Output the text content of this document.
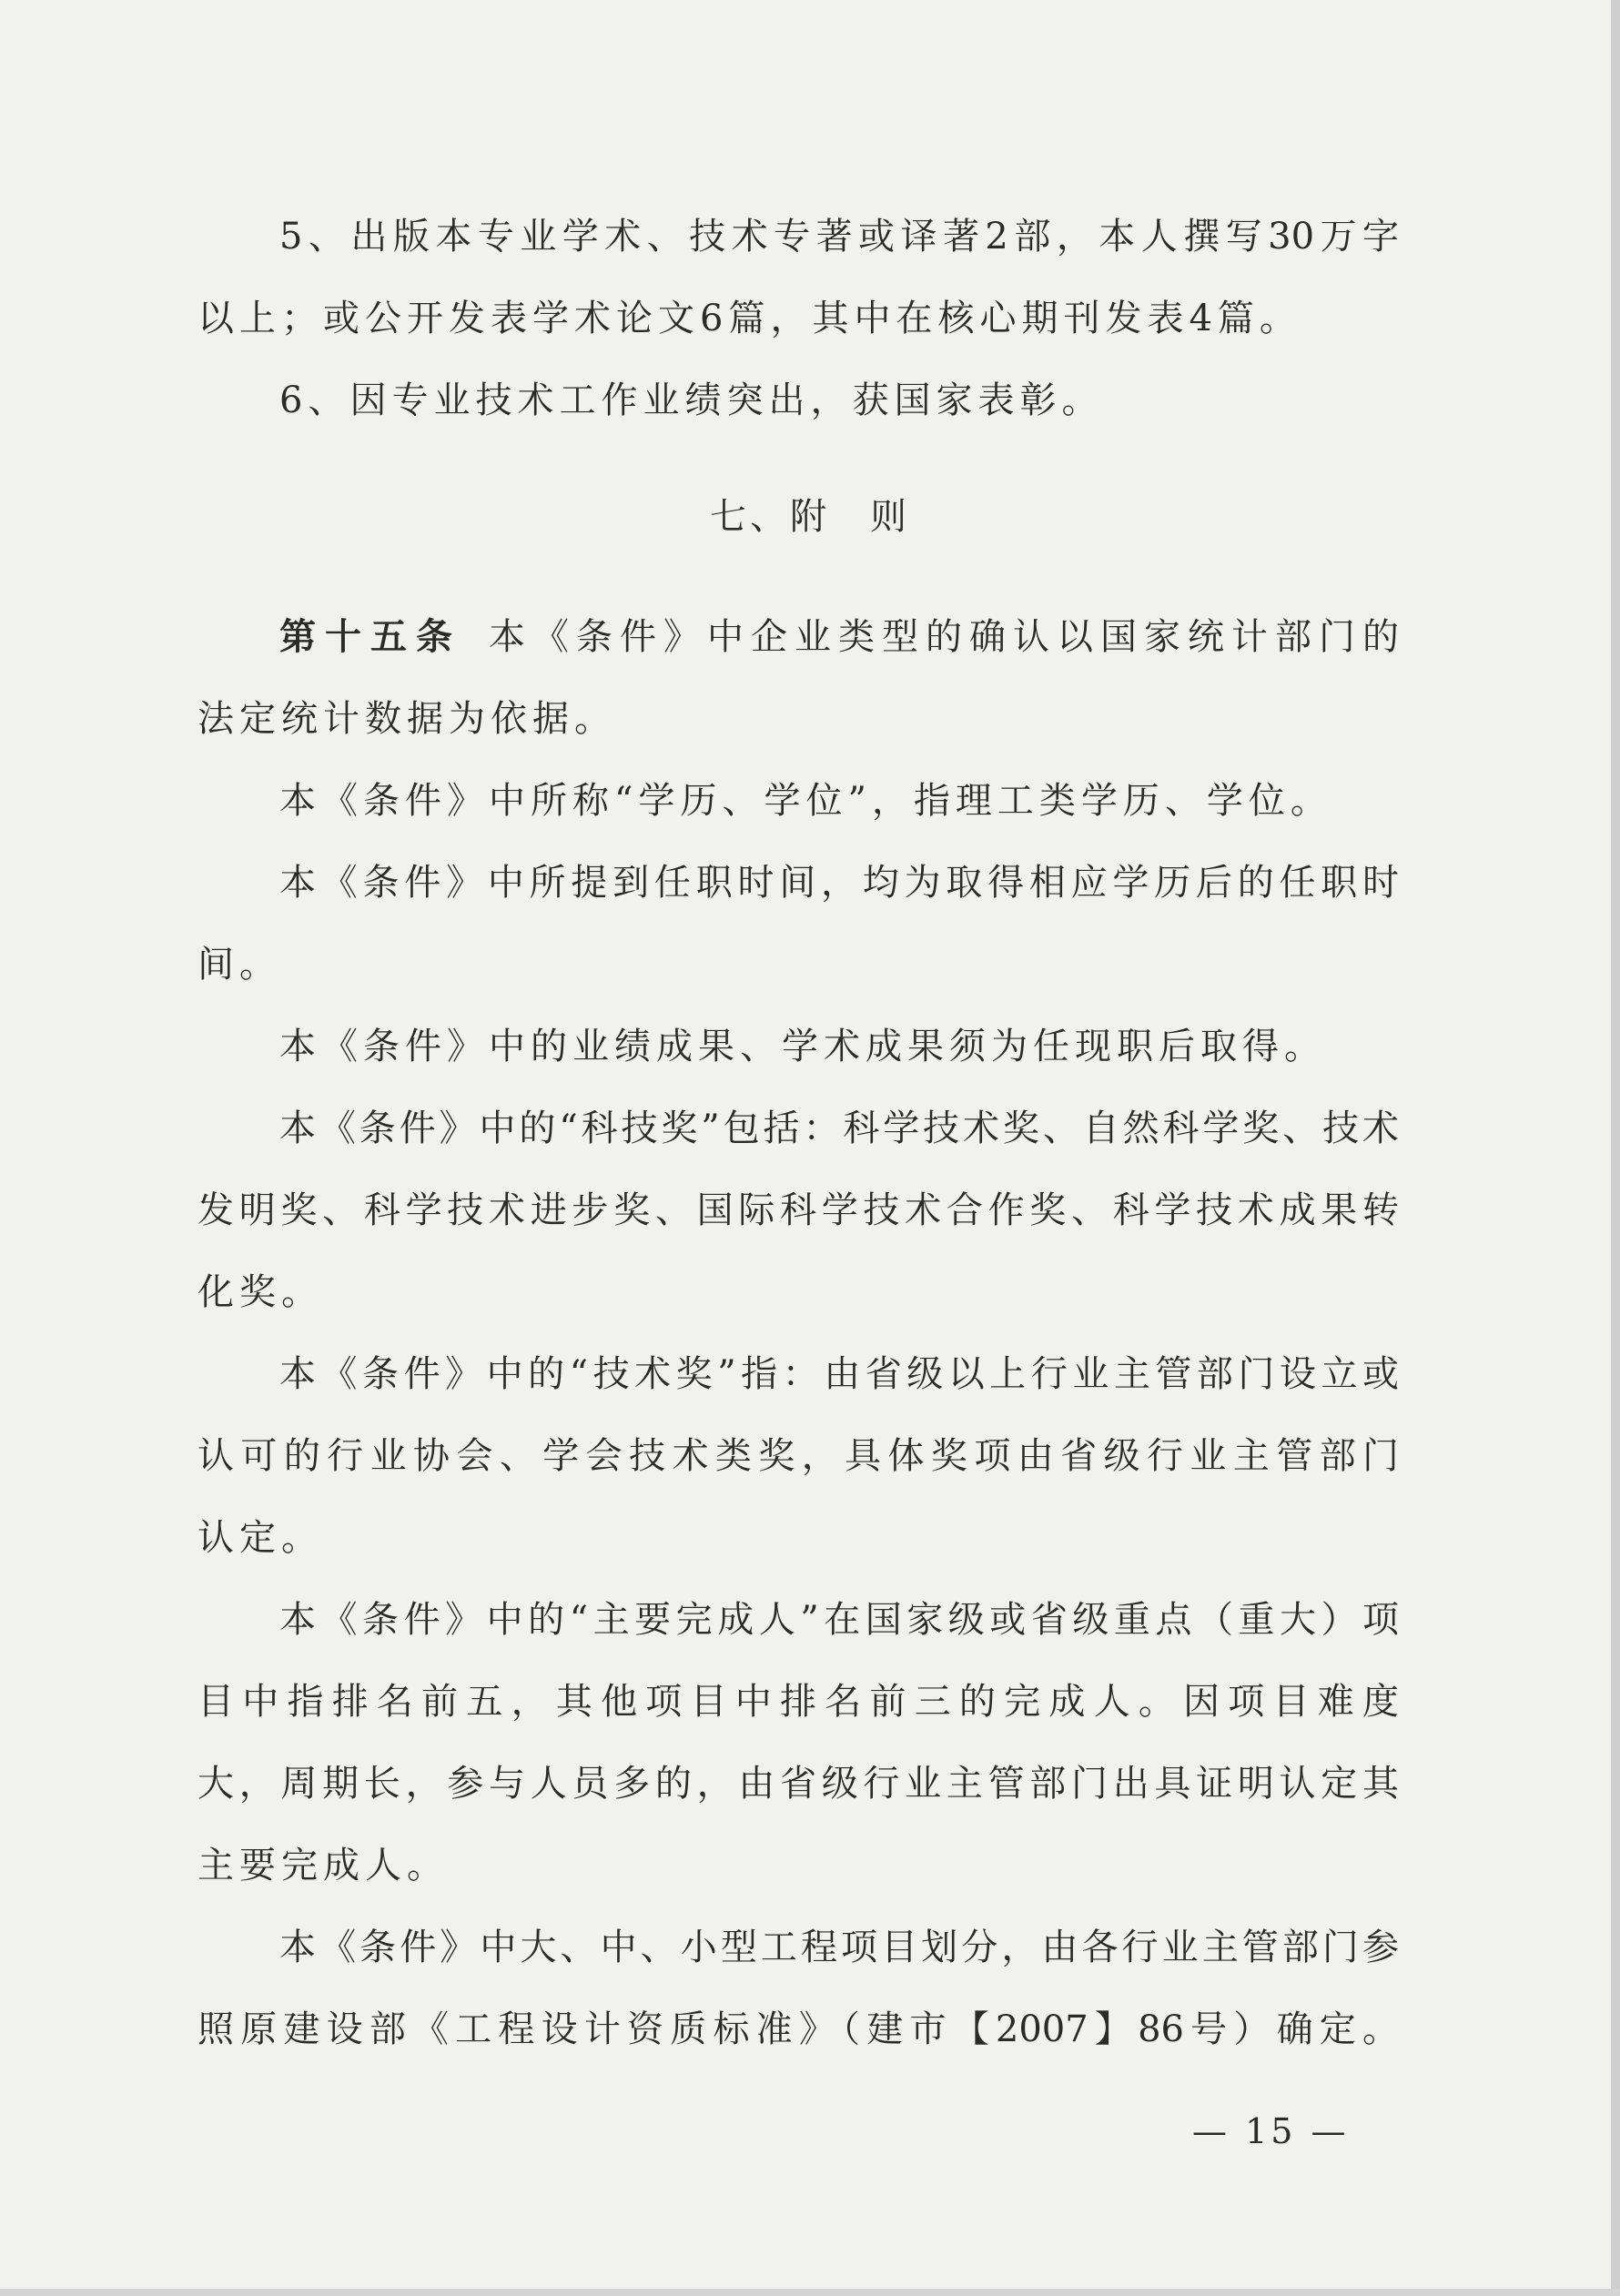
5、出版本专业学术、技术专著或译著2部，本人撰写30万字
以上；或公开发表学术论文6篇，其中在核心期刊发表4篇。
6、因专业技术工作业绩突出，获国家表彰。
七、附　则
第十五条 本《条件》中企业类型的确认以国家统计部门的
法定统计数据为依据。
本《条件》中所称“学历、学位”，指理工类学历、学位。
本《条件》中所提到任职时间，均为取得相应学历后的任职时
间。
本《条件》中的业绩成果、学术成果须为任现职后取得。
本《条件》中的“科技奖”包括：科学技术奖、自然科学奖、技术
发明奖、科学技术进步奖、国际科学技术合作奖、科学技术成果转
化奖。
本《条件》中的“技术奖”指：由省级以上行业主管部门设立或
认可的行业协会、学会技术类奖，具体奖项由省级行业主管部门
认定。
本《条件》中的“主要完成人”在国家级或省级重点（重大）项
目中指排名前五，其他项目中排名前三的完成人。因项目难度
大，周期长，参与人员多的，由省级行业主管部门出具证明认定其
主要完成人。
本《条件》中大、中、小型工程项目划分，由各行业主管部门参
照原建设部《工程设计资质标准》（建市【2007】86号）确定。
— 15 —
